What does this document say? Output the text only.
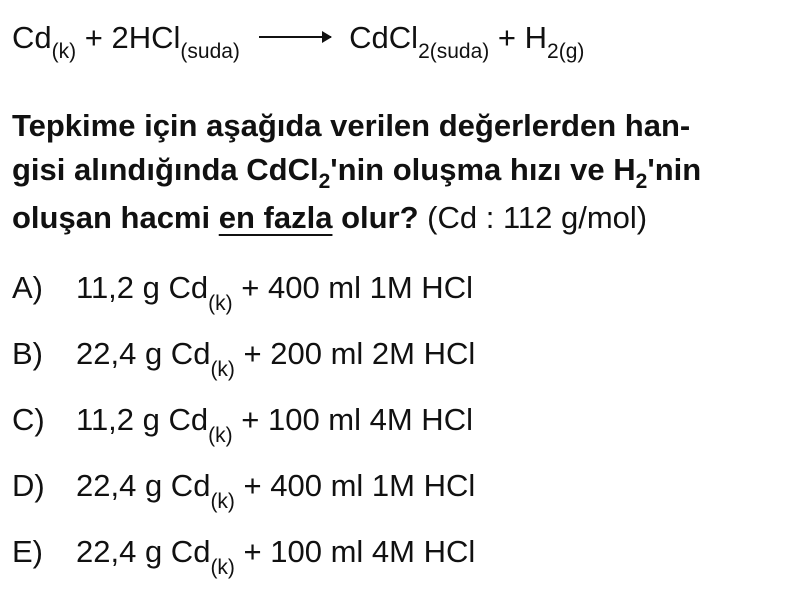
$Cd_{(k)} + 2HCl_{(suda)}$ → CdCl$_{2(suda)}$ + $H_{2(g)}$
Tepkime için aşağıda verilen değerlerden han-
gisi alındığında CdCl$_2$'nin oluşma hızı ve $H_2'nin$
oluşan hacmi en fazla olur? (Cd : 112 g/mol)
A) 11,2 g $Cd_{(k)} + 400$ ml 1M HCl
B) 22,4 g $Cd_{(k)} + 200$ ml 2M HCl
C) 11,2 g $Cd_{(k)} + 100$ ml 4M HCl
D) 22,4 g $Cd_{(k)} + 400$ ml 1M HCl
E) 22,4 g $Cd_{(k)} + 100$ ml 4M HCl
